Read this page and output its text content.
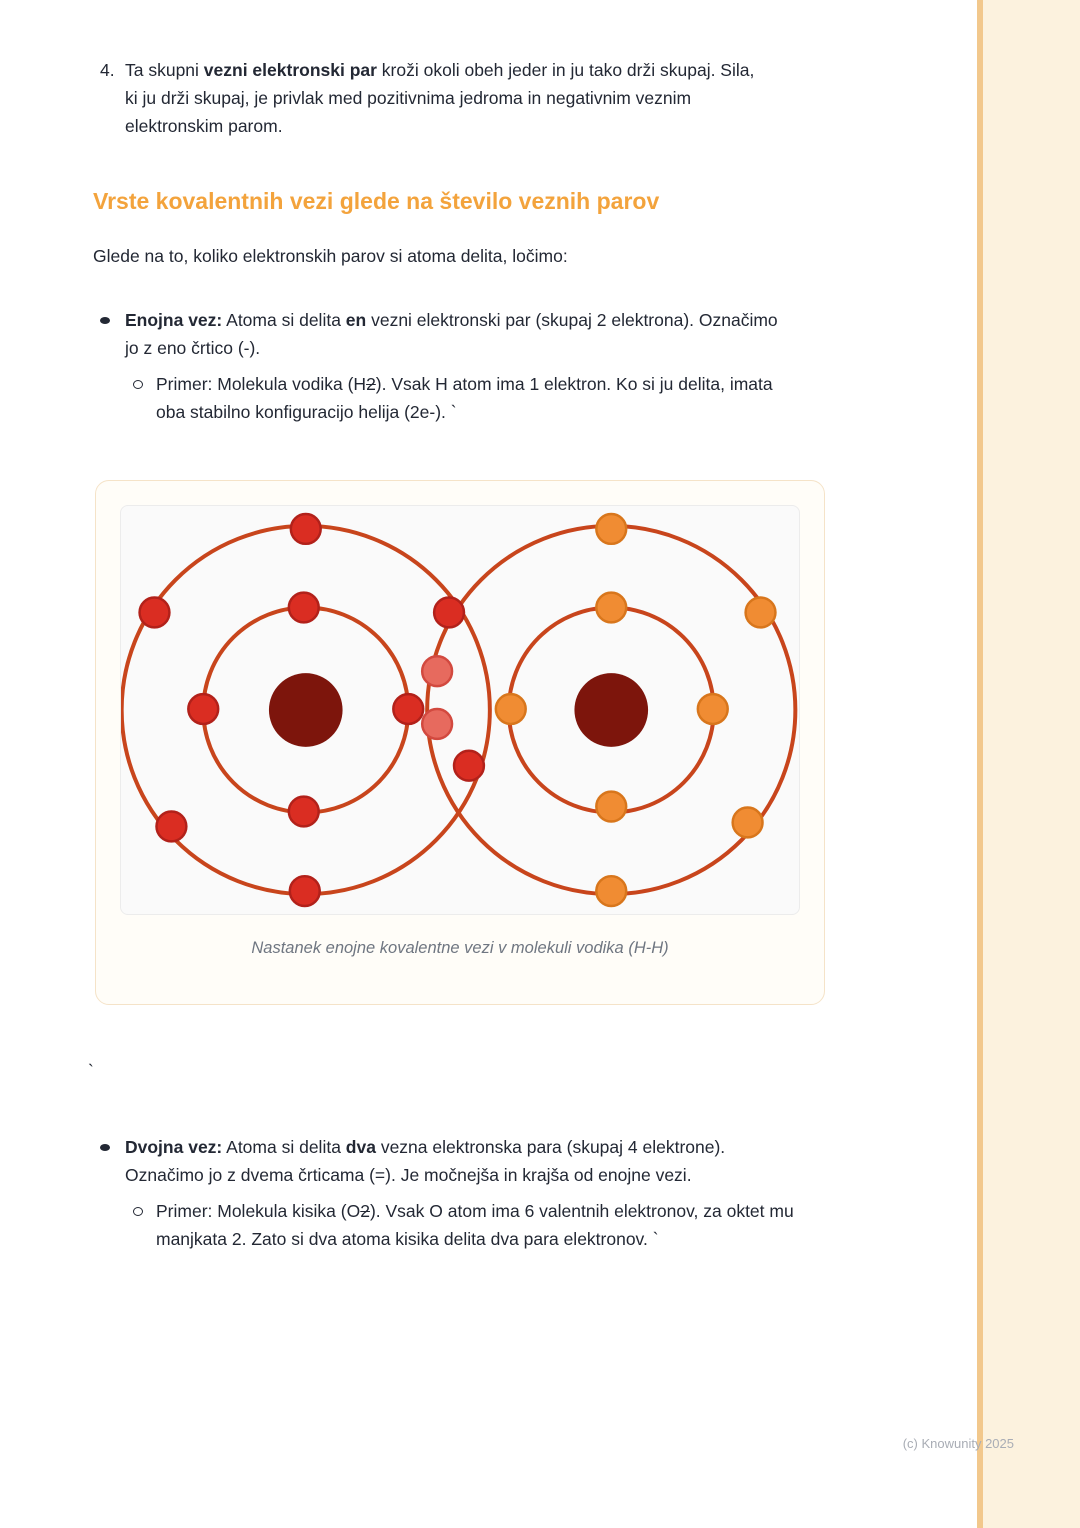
4. Ta skupni vezni elektronski par kroži okoli obeh jeder in ju tako drži skupaj. Sila, ki ju drži skupaj, je privlak med pozitivnima jedroma in negativnim veznim elektronskim parom.
Vrste kovalentnih vezi glede na število veznih parov

Glede na to, koliko elektronskih parov si atoma delita, ločimo:

Enojna vez: Atoma si delita en vezni elektronski par (skupaj 2 elektrona). Označimo jo z eno črtico (-).
Primer: Molekula vodika (H2). Vsak H atom ima 1 elektron. Ko si ju delita, imata oba stabilno konfiguracijo helija (2e-). `
Nastanek enojne kovalentne vezi v molekuli vodika (H-H)

`

Dvojna vez: Atoma si delita dva vezna elektronska para (skupaj 4 elektrone). Označimo jo z dvema črticama (=). Je močnejša in krajša od enojne vezi.
Primer: Molekula kisika (O2). Vsak O atom ima 6 valentnih elektronov, za oktet mu manjkata 2. Zato si dva atoma kisika delita dva para elektronov. `
(c) Knowunity 2025
